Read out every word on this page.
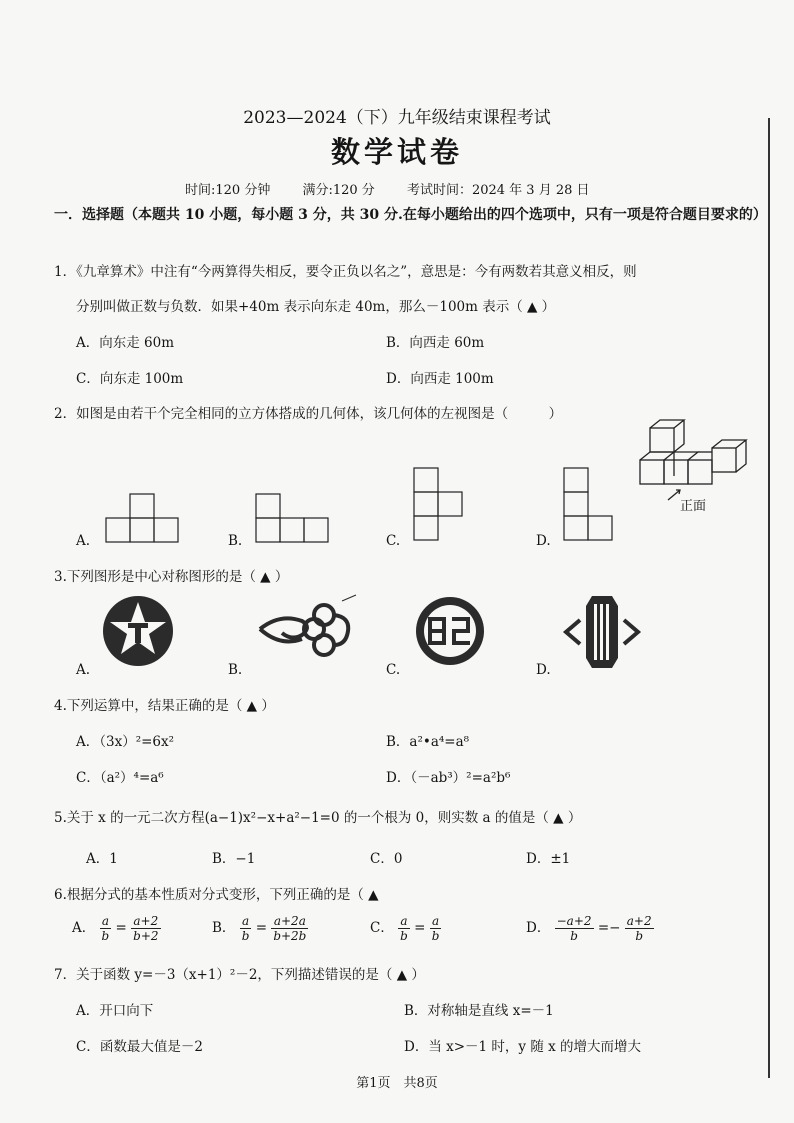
2023—2024（下）九年级结束课程考试
数学试卷
时间:120 分钟 满分:120 分 考试时间：2024 年 3 月 28 日
一．选择题（本题共 10 小题，每小题 3 分，共 30 分.在每小题给出的四个选项中，只有一项是符合题目要求的）
1．《九章算术》中注有“今两算得失相反，要令正负以名之”，意思是：今有两数若其意义相反，则
分别叫做正数与负数．如果+40m 表示向东走 40m，那么－100m 表示（ ▲ ）
A．向东走 60m	B．向西走 60m
C．向东走 100m	D．向西走 100m
2．如图是由若干个完全相同的立方体搭成的几何体，该几何体的左视图是（　　　）
正面
A.	B.	C.	D.
3.下列图形是中心对称图形的是（ ▲ ）
A.	B.	C.	D.
4.下列运算中，结果正确的是（ ▲ ）
A．（3x）²=6x²	B．a²•a⁴=a⁸
C．（a²）⁴=a⁶	D．（－ab³）²=a²b⁶
5.关于 x 的一元二次方程(a−1)x²−x+a²−1=0 的一个根为 0，则实数 a 的值是（ ▲ ）
A．1	B．−1	C．0	D．±1
6.根据分式的基本性质对分式变形，下列正确的是（ ▲
A． $\frac{a}{b} = \frac{a+2}{b+2}$	B． $\frac{a}{b} = \frac{a+2a}{b+2b}$	C． $\frac{a}{b} = \frac{a}{b}$	D． $\frac{-a+2}{b} =- \frac{a+2}{b}$
7．关于函数 y=－3（x+1）²－2，下列描述错误的是（ ▲ ）
A．开口向下	B．对称轴是直线 x=－1
C．函数最大值是－2	D．当 x>－1 时，y 随 x 的增大而增大
第1页　共8页
